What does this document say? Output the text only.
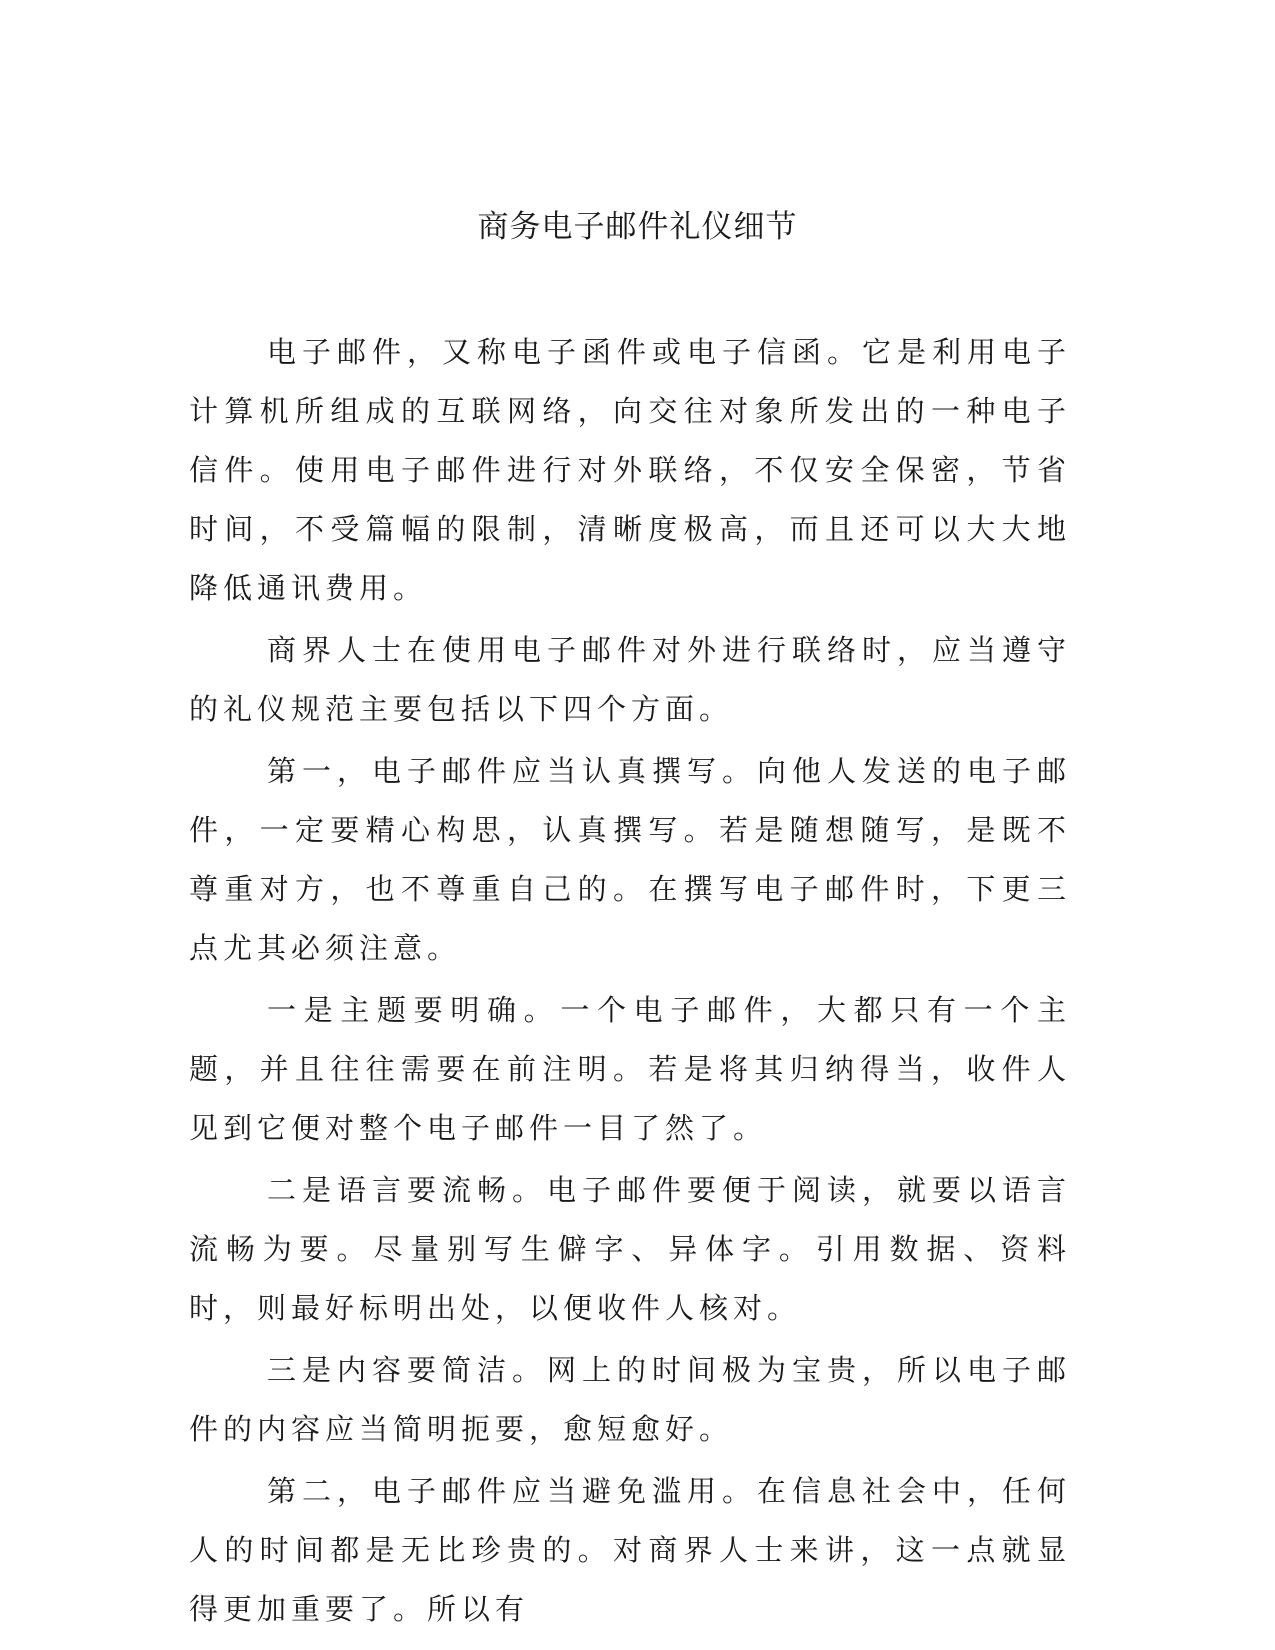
商务电子邮件礼仪细节

电子邮件，又称电子函件或电子信函。它是利用电子计算机所组成的互联网络，向交往对象所发出的一种电子信件。使用电子邮件进行对外联络，不仅安全保密，节省时间，不受篇幅的限制，清晰度极高，而且还可以大大地降低通讯费用。

商界人士在使用电子邮件对外进行联络时，应当遵守的礼仪规范主要包括以下四个方面。

第一，电子邮件应当认真撰写。向他人发送的电子邮件，一定要精心构思，认真撰写。若是随想随写，是既不尊重对方，也不尊重自己的。在撰写电子邮件时，下更三点尤其必须注意。

一是主题要明确。一个电子邮件，大都只有一个主题，并且往往需要在前注明。若是将其归纳得当，收件人见到它便对整个电子邮件一目了然了。

二是语言要流畅。电子邮件要便于阅读，就要以语言流畅为要。尽量别写生僻字、异体字。引用数据、资料时，则最好标明出处，以便收件人核对。

三是内容要简洁。网上的时间极为宝贵，所以电子邮件的内容应当简明扼要，愈短愈好。

第二，电子邮件应当避免滥用。在信息社会中，任何人的时间都是无比珍贵的。对商界人士来讲，这一点就显得更加重要了。所以有
